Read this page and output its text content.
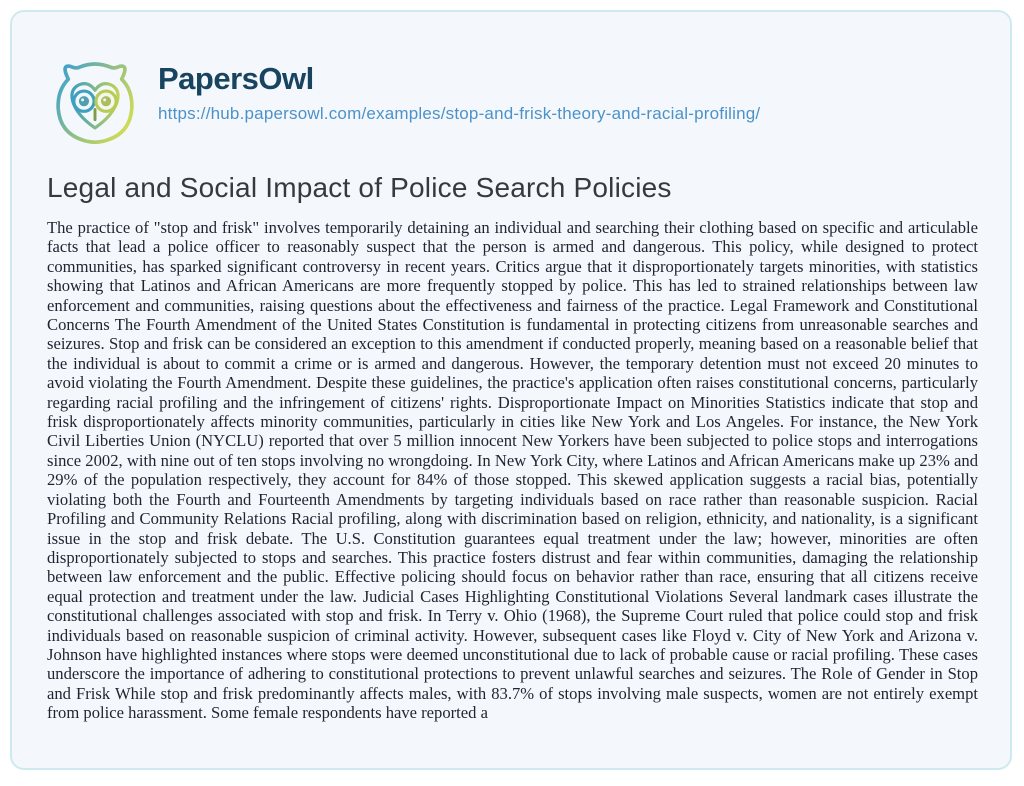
PapersOwl
https://hub.papersowl.com/examples/stop-and-frisk-theory-and-racial-profiling/
Legal and Social Impact of Police Search Policies
The practice of "stop and frisk" involves temporarily detaining an individual and searching their clothing based on specific and articulable facts that lead a police officer to reasonably suspect that the person is armed and dangerous. This policy, while designed to protect communities, has sparked significant controversy in recent years. Critics argue that it disproportionately targets minorities, with statistics showing that Latinos and African Americans are more frequently stopped by police. This has led to strained relationships between law enforcement and communities, raising questions about the effectiveness and fairness of the practice. Legal Framework and Constitutional Concerns The Fourth Amendment of the United States Constitution is fundamental in protecting citizens from unreasonable searches and seizures. Stop and frisk can be considered an exception to this amendment if conducted properly, meaning based on a reasonable belief that the individual is about to commit a crime or is armed and dangerous. However, the temporary detention must not exceed 20 minutes to avoid violating the Fourth Amendment. Despite these guidelines, the practice's application often raises constitutional concerns, particularly regarding racial profiling and the infringement of citizens' rights. Disproportionate Impact on Minorities Statistics indicate that stop and frisk disproportionately affects minority communities, particularly in cities like New York and Los Angeles. For instance, the New York Civil Liberties Union (NYCLU) reported that over 5 million innocent New Yorkers have been subjected to police stops and interrogations since 2002, with nine out of ten stops involving no wrongdoing. In New York City, where Latinos and African Americans make up 23% and 29% of the population respectively, they account for 84% of those stopped. This skewed application suggests a racial bias, potentially violating both the Fourth and Fourteenth Amendments by targeting individuals based on race rather than reasonable suspicion. Racial Profiling and Community Relations Racial profiling, along with discrimination based on religion, ethnicity, and nationality, is a significant issue in the stop and frisk debate. The U.S. Constitution guarantees equal treatment under the law; however, minorities are often disproportionately subjected to stops and searches. This practice fosters distrust and fear within communities, damaging the relationship between law enforcement and the public. Effective policing should focus on behavior rather than race, ensuring that all citizens receive equal protection and treatment under the law. Judicial Cases Highlighting Constitutional Violations Several landmark cases illustrate the constitutional challenges associated with stop and frisk. In Terry v. Ohio (1968), the Supreme Court ruled that police could stop and frisk individuals based on reasonable suspicion of criminal activity. However, subsequent cases like Floyd v. City of New York and Arizona v. Johnson have highlighted instances where stops were deemed unconstitutional due to lack of probable cause or racial profiling. These cases underscore the importance of adhering to constitutional protections to prevent unlawful searches and seizures. The Role of Gender in Stop and Frisk While stop and frisk predominantly affects males, with 83.7% of stops involving male suspects, women are not entirely exempt from police harassment. Some female respondents have reported a
